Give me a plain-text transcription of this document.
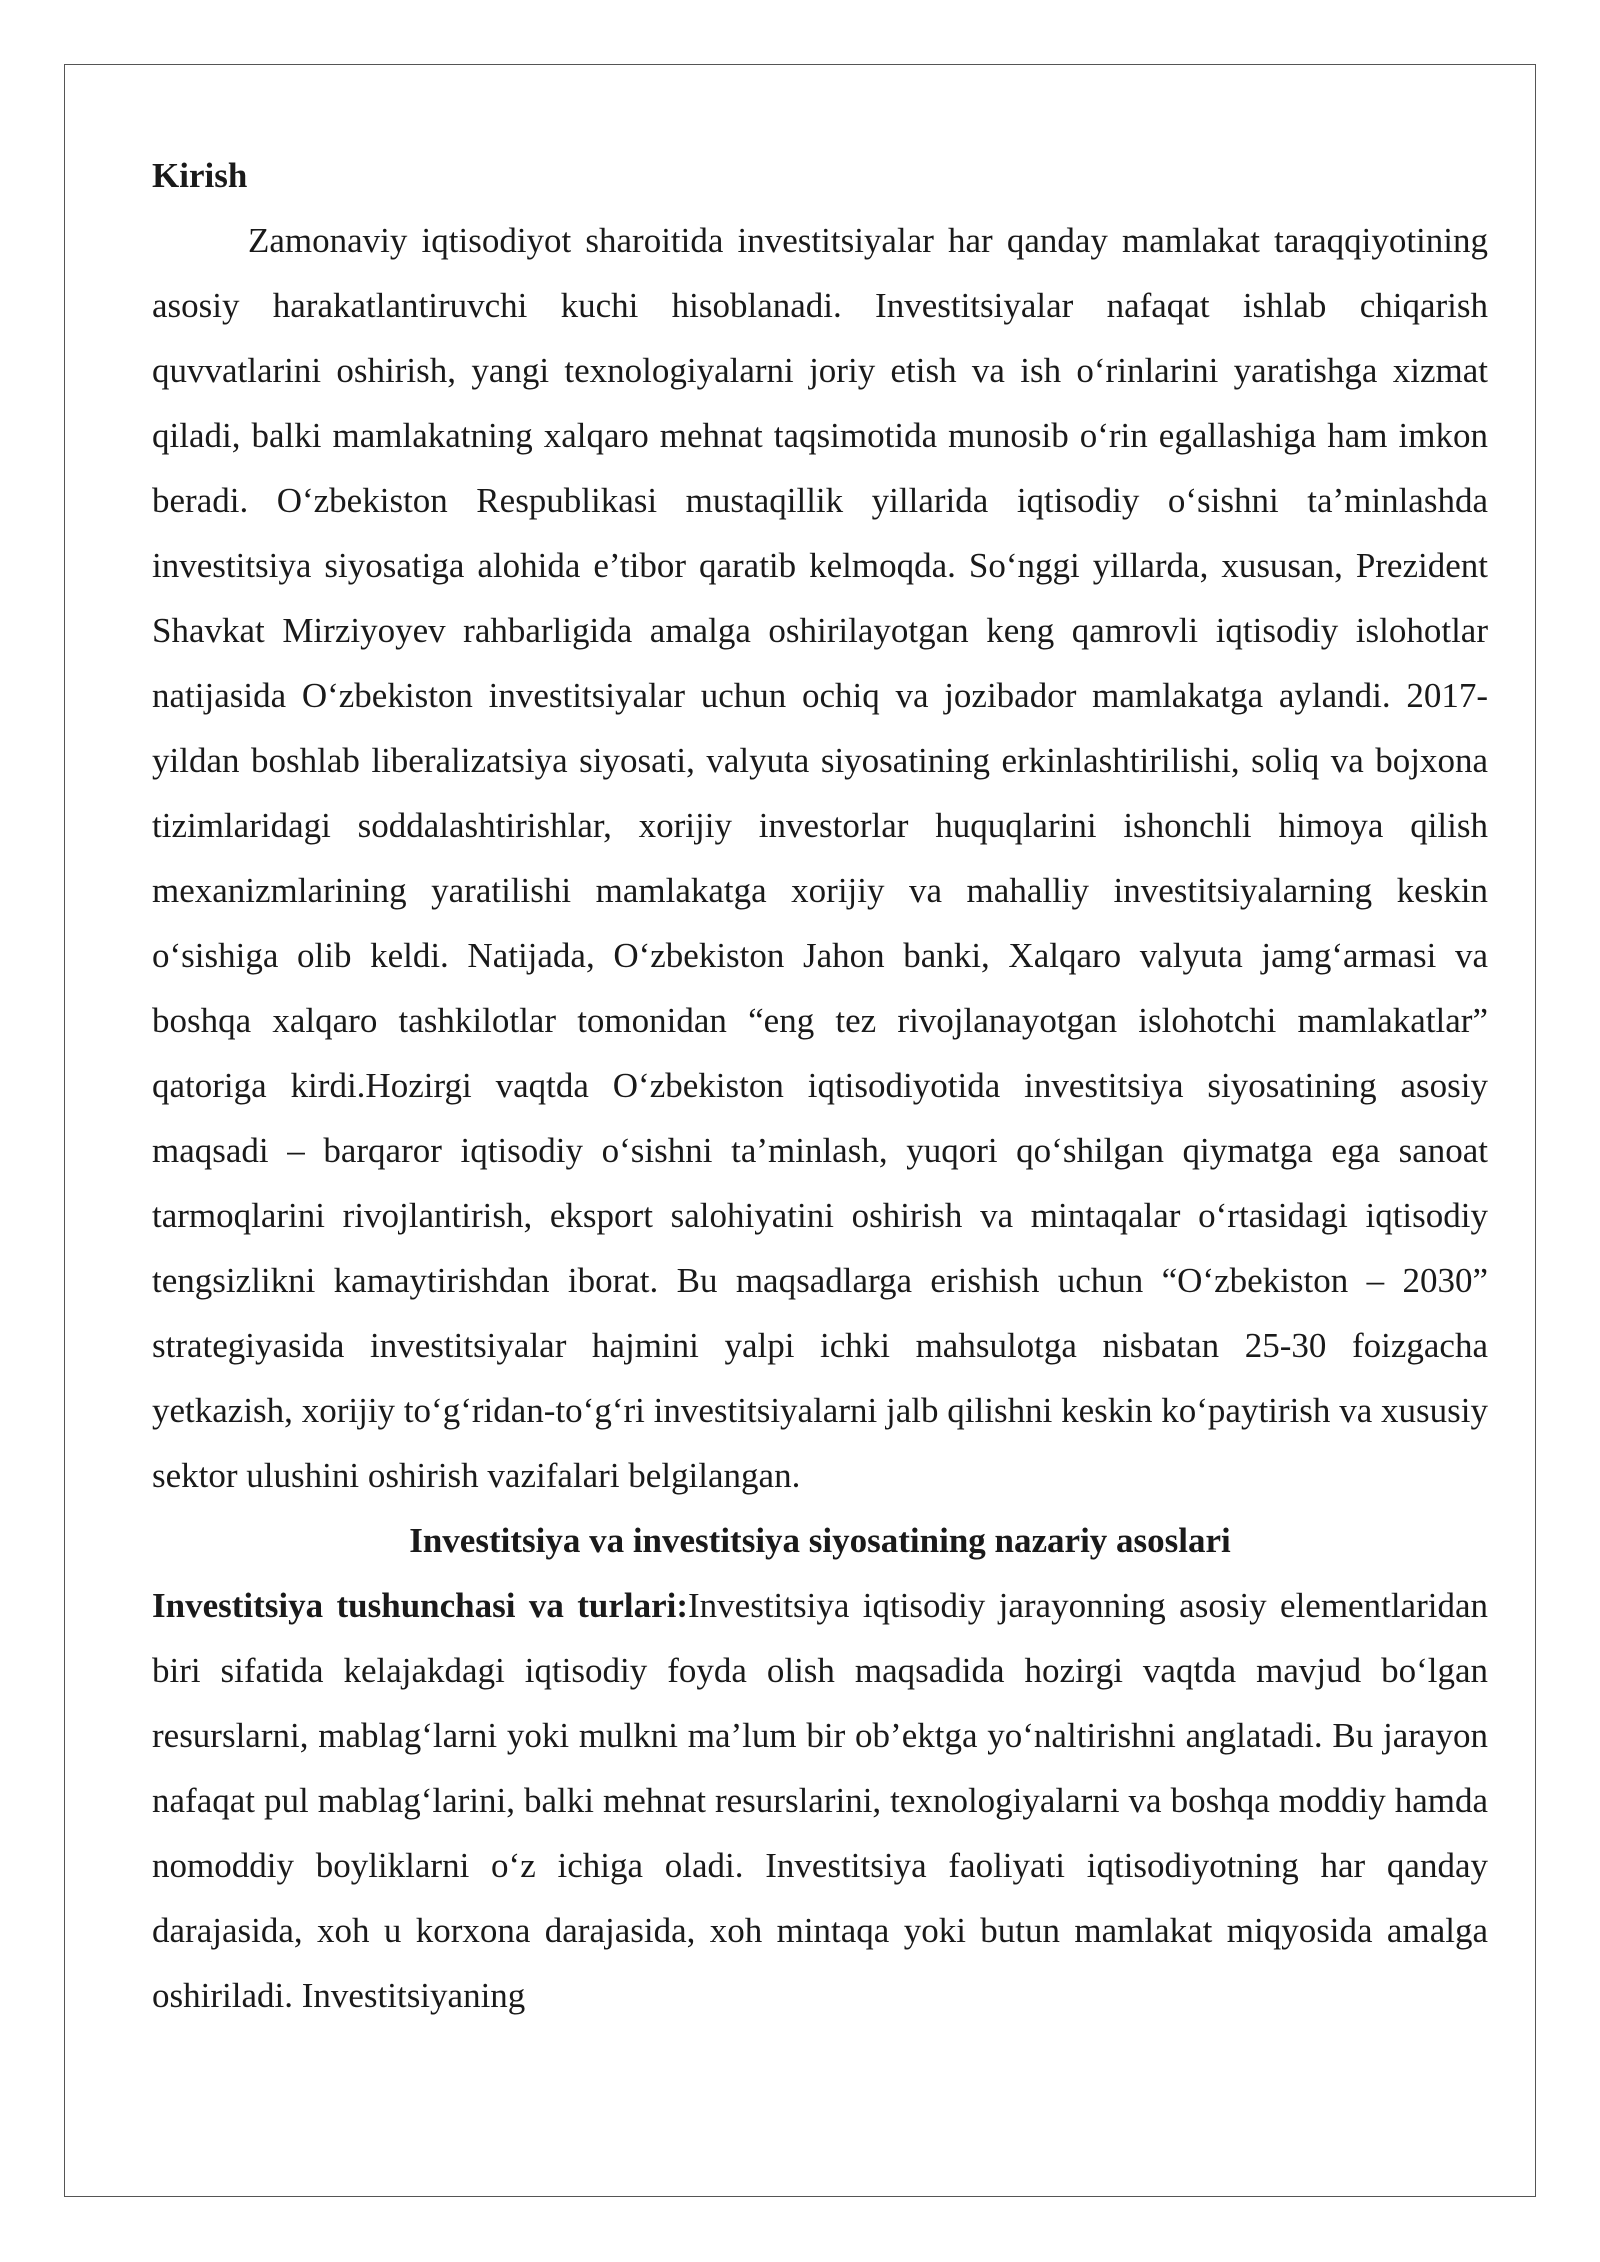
Kirish

Zamonaviy iqtisodiyot sharoitida investitsiyalar har qanday mamlakat taraqqiyotining asosiy harakatlantiruvchi kuchi hisoblanadi. Investitsiyalar nafaqat ishlab chiqarish quvvatlarini oshirish, yangi texnologiyalarni joriy etish va ish o‘rinlarini yaratishga xizmat qiladi, balki mamlakatning xalqaro mehnat taqsimotida munosib o‘rin egallashiga ham imkon beradi. O‘zbekiston Respublikasi mustaqillik yillarida iqtisodiy o‘sishni ta’minlashda investitsiya siyosatiga alohida e’tibor qaratib kelmoqda. So‘nggi yillarda, xususan, Prezident Shavkat Mirziyoyev rahbarligida amalga oshirilayotgan keng qamrovli iqtisodiy islohotlar natijasida O‘zbekiston investitsiyalar uchun ochiq va jozibador mamlakatga aylandi. 2017-yildan boshlab liberalizatsiya siyosati, valyuta siyosatining erkinlashtirilishi, soliq va bojxona tizimlaridagi soddalashtirishlar, xorijiy investorlar huquqlarini ishonchli himoya qilish mexanizmlarining yaratilishi mamlakatga xorijiy va mahalliy investitsiyalarning keskin o‘sishiga olib keldi. Natijada, O‘zbekiston Jahon banki, Xalqaro valyuta jamg‘armasi va boshqa xalqaro tashkilotlar tomonidan “eng tez rivojlanayotgan islohotchi mamlakatlar” qatoriga kirdi.Hozirgi vaqtda O‘zbekiston iqtisodiyotida investitsiya siyosatining asosiy maqsadi – barqaror iqtisodiy o‘sishni ta’minlash, yuqori qo‘shilgan qiymatga ega sanoat tarmoqlarini rivojlantirish, eksport salohiyatini oshirish va mintaqalar o‘rtasidagi iqtisodiy tengsizlikni kamaytirishdan iborat. Bu maqsadlarga erishish uchun “O‘zbekiston – 2030” strategiyasida investitsiyalar hajmini yalpi ichki mahsulotga nisbatan 25-30 foizgacha yetkazish, xorijiy to‘g‘ridan-to‘g‘ri investitsiyalarni jalb qilishni keskin ko‘paytirish va xususiy sektor ulushini oshirish vazifalari belgilangan.

Investitsiya va investitsiya siyosatining nazariy asoslari

Investitsiya tushunchasi va turlari:Investitsiya iqtisodiy jarayonning asosiy elementlaridan biri sifatida kelajakdagi iqtisodiy foyda olish maqsadida hozirgi vaqtda mavjud bo‘lgan resurslarni, mablag‘larni yoki mulkni ma’lum bir ob’ektga yo‘naltirishni anglatadi. Bu jarayon nafaqat pul mablag‘larini, balki mehnat resurslarini, texnologiyalarni va boshqa moddiy hamda nomoddiy boyliklarni o‘z ichiga oladi. Investitsiya faoliyati iqtisodiyotning har qanday darajasida, xoh u korxona darajasida, xoh mintaqa yoki butun mamlakat miqyosida amalga oshiriladi. Investitsiyaning
